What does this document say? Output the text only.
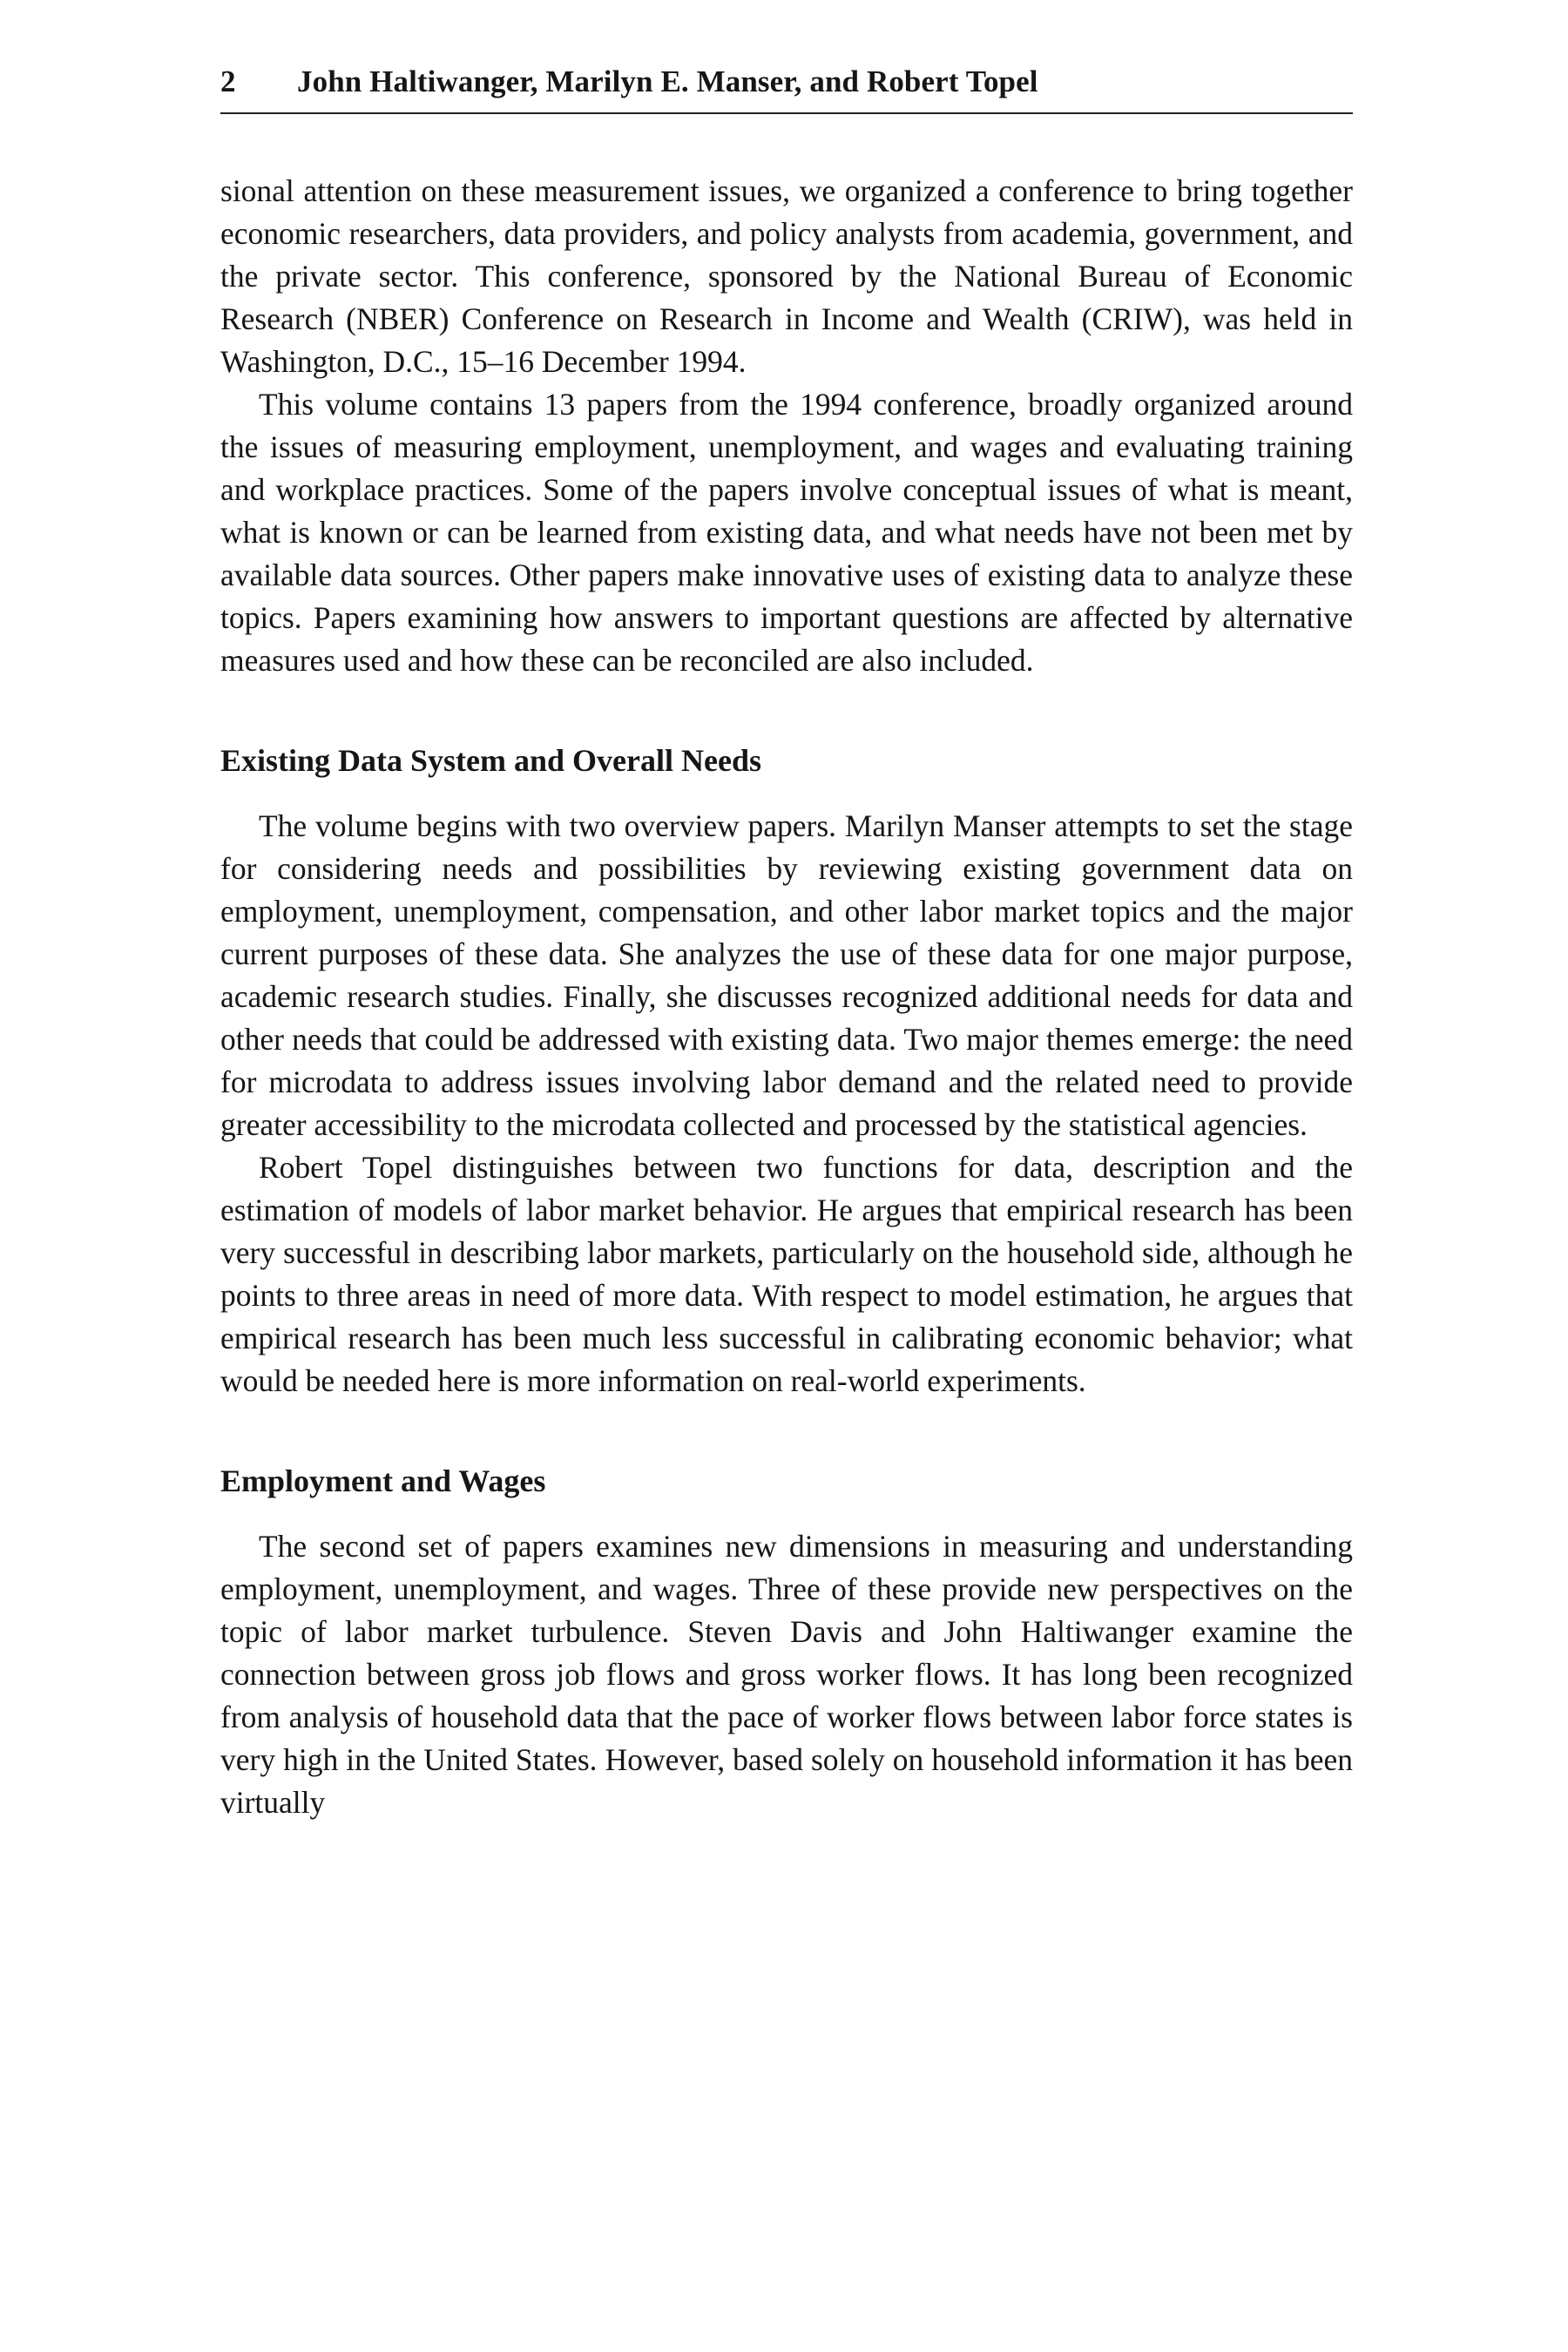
2	John Haltiwanger, Marilyn E. Manser, and Robert Topel

sional attention on these measurement issues, we organized a conference to bring together economic researchers, data providers, and policy analysts from academia, government, and the private sector. This conference, sponsored by the National Bureau of Economic Research (NBER) Conference on Research in Income and Wealth (CRIW), was held in Washington, D.C., 15–16 December 1994.

This volume contains 13 papers from the 1994 conference, broadly organized around the issues of measuring employment, unemployment, and wages and evaluating training and workplace practices. Some of the papers involve conceptual issues of what is meant, what is known or can be learned from existing data, and what needs have not been met by available data sources. Other papers make innovative uses of existing data to analyze these topics. Papers examining how answers to important questions are affected by alternative measures used and how these can be reconciled are also included.

Existing Data System and Overall Needs

The volume begins with two overview papers. Marilyn Manser attempts to set the stage for considering needs and possibilities by reviewing existing government data on employment, unemployment, compensation, and other labor market topics and the major current purposes of these data. She analyzes the use of these data for one major purpose, academic research studies. Finally, she discusses recognized additional needs for data and other needs that could be addressed with existing data. Two major themes emerge: the need for microdata to address issues involving labor demand and the related need to provide greater accessibility to the microdata collected and processed by the statistical agencies.

Robert Topel distinguishes between two functions for data, description and the estimation of models of labor market behavior. He argues that empirical research has been very successful in describing labor markets, particularly on the household side, although he points to three areas in need of more data. With respect to model estimation, he argues that empirical research has been much less successful in calibrating economic behavior; what would be needed here is more information on real-world experiments.

Employment and Wages

The second set of papers examines new dimensions in measuring and understanding employment, unemployment, and wages. Three of these provide new perspectives on the topic of labor market turbulence. Steven Davis and John Haltiwanger examine the connection between gross job flows and gross worker flows. It has long been recognized from analysis of household data that the pace of worker flows between labor force states is very high in the United States. However, based solely on household information it has been virtually
